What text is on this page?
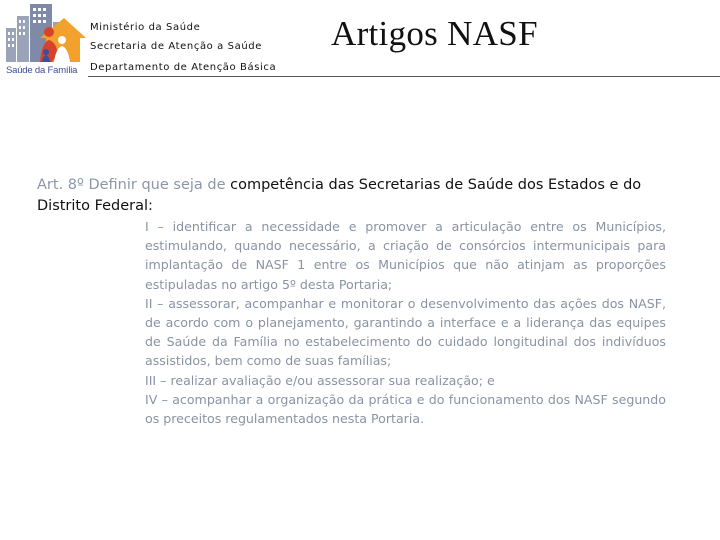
Saúde da Família
Ministério da Saúde
Secretaria de Atenção a Saúde
Departamento de Atenção Básica
Artigos NASF
Art. 8º Definir que seja de competência das Secretarias de Saúde dos Estados e do Distrito Federal:

I – identificar a necessidade e promover a articulação entre os Municípios, estimulando, quando necessário, a criação de consórcios intermunicipais para implantação de NASF 1 entre os Municípios que não atinjam as proporções estipuladas no artigo 5º desta Portaria;

II – assessorar, acompanhar e monitorar o desenvolvimento das ações dos NASF, de acordo com o planejamento, garantindo a interface e a liderança das equipes de Saúde da Família no estabelecimento do cuidado longitudinal dos indivíduos assistidos, bem como de suas famílias;

III – realizar avaliação e/ou assessorar sua realização; e

IV – acompanhar a organização da prática e do funcionamento dos NASF segundo os preceitos regulamentados nesta Portaria.
